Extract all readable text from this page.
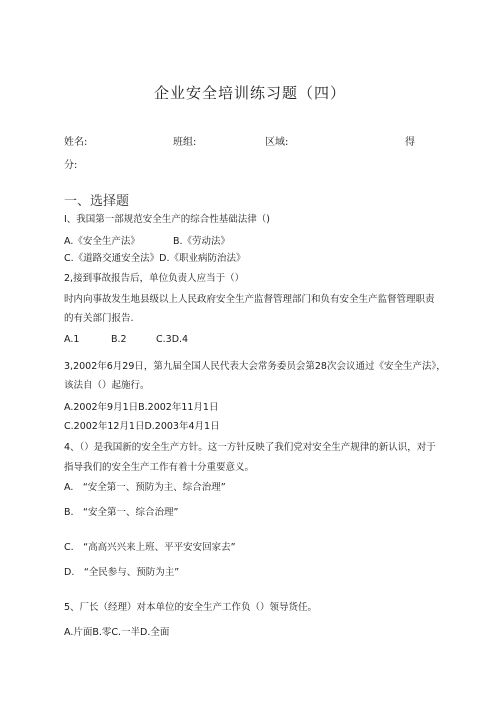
企业安全培训练习题（四）
姓名:	班组:	区域:	得
分:
一、选择题
I、我国第一部规范安全生产的综合性基础法律（)
A.《安全生产法》	B.《劳动法》
C.《道路交通安全法》D.《职业病防治法》
2,接到事故报告后，单位负责人应当于（）
时内向事故发生地县级以上人民政府安全生产监督管理部门和负有安全生产监督管理职责
的有关部门报告.
A.1	B.2	C.3D.4
3,2002年6月29日，第九届全国人民代表大会常务委员会第28次会议通过《安全生产法》，
该法自（）起施行。
A.2002年9月1日B.2002年11月1日
C.2002年12月1日D.2003年4月1日
4、（）是我国新的安全生产方针。这一方针反映了我们党对安全生产规律的新认识，对于
指导我们的安全生产工作有着十分重要意义。
A.　“安全第一、预防为主、综合治理”
B.　“安全第一、综合治理”
C.　“高高兴兴来上班、平平安安回家去”
D.　“全民参与、预防为主”
5、厂长（经理）对本单位的安全生产工作负（）领导货任。
A.片面B.零C.一半D.全面
